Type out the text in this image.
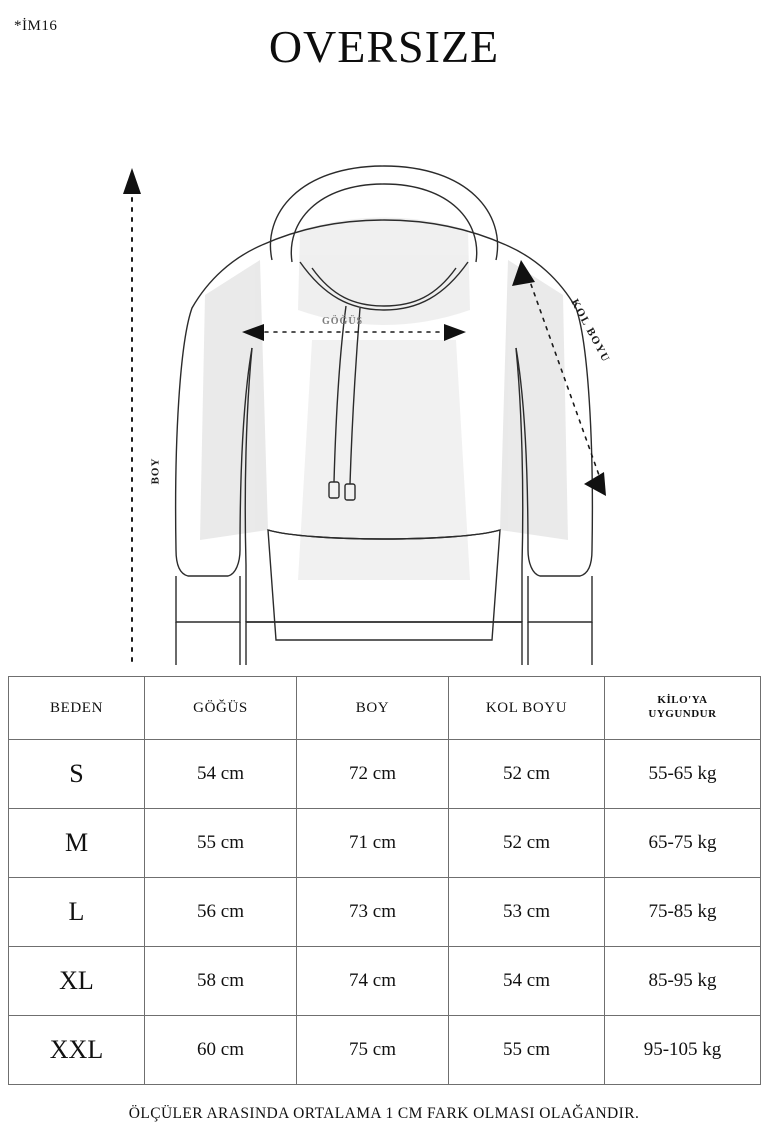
*İM16	OVERSIZE
BOY
GÖĞÜS	KOL BOYU
BEDEN	GÖĞÜS	BOY	KOL BOYU	KİLO'YA
UYGUNDUR

S	54 cm	72 cm	52 cm	55-65 kg
M	55 cm	71 cm	52 cm	65-75 kg
L	56 cm	73 cm	53 cm	75-85 kg
XL	58 cm	74 cm	54 cm	85-95 kg
XXL	60 cm	75 cm	55 cm	95-105 kg
ÖLÇÜLER ARASINDA ORTALAMA 1 CM FARK OLMASI OLAĞANDIR.
